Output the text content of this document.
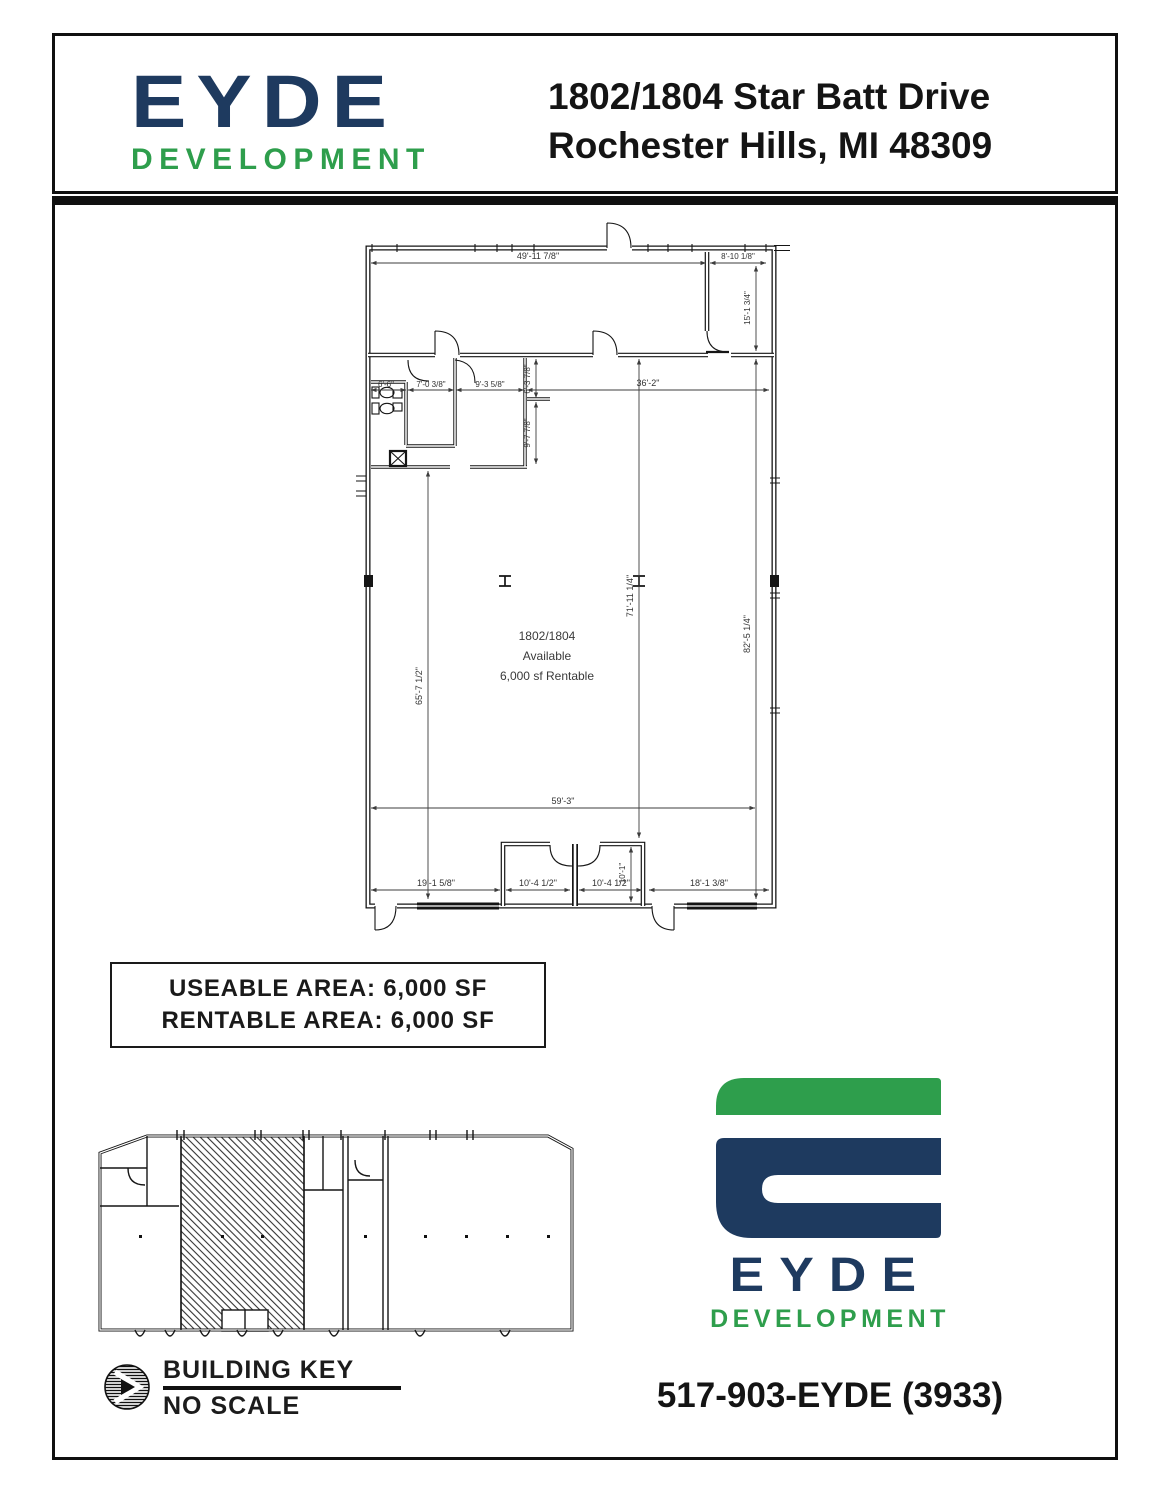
EYDE
DEVELOPMENT
1802/1804 Star Batt Drive
Rochester Hills, MI 48309
49'-11 7/8"	8'-10 1/8"
15'-1 3/4"
82'-5 1/4"
71'-11 1/4"
65'-7 1/2"
36'-2"
6'-6"	7'-0 3/8"	9'-3 5/8" 6'-3 7/8"
9'-7 7/8"
59'-3"
19'-1 5/8"	10'-4 1/2"	10'-4 1/2"	18'-1 3/8"
10'-1"
1802/1804
Available
6,000 sf Rentable
USEABLE AREA: 6,000 SF
RENTABLE AREA: 6,000 SF
BUILDING KEY
NO SCALE
EYDE
DEVELOPMENT
517-903-EYDE (3933)
